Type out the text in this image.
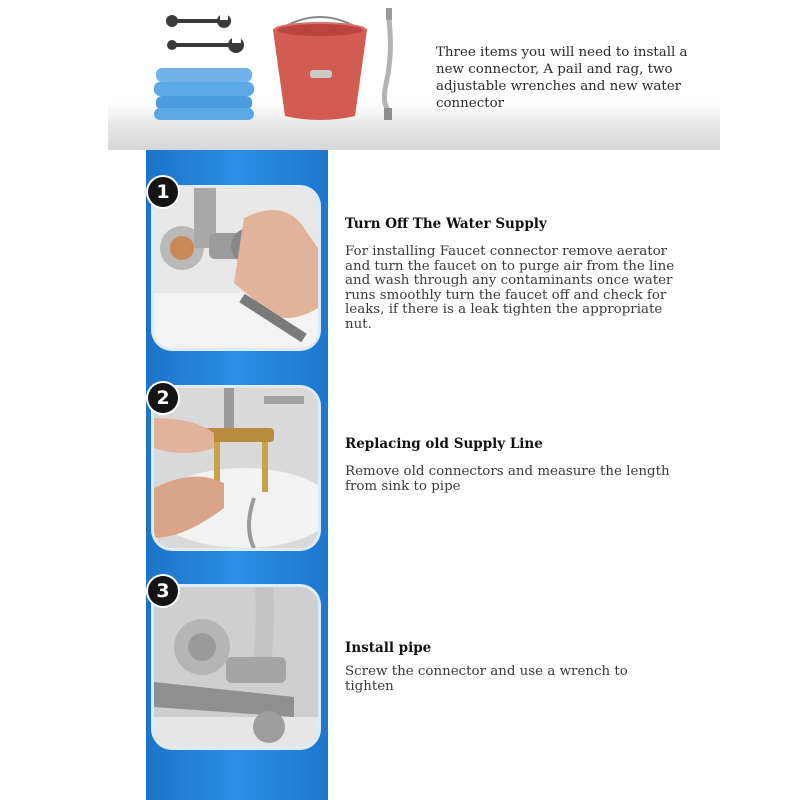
Three items you will need to install a new connector, A pail and rag, two adjustable wrenches and new water connector

1

Turn Off The Water Supply

For installing Faucet connector remove aerator and turn the faucet on to purge air from the line and wash through any contaminants once water runs smoothly turn the faucet off and check for leaks, if there is a leak tighten the appropriate nut.

2

Replacing old Supply Line

Remove old connectors and measure the length from sink to pipe

3

Install pipe

Screw the connector and use a wrench to tighten
